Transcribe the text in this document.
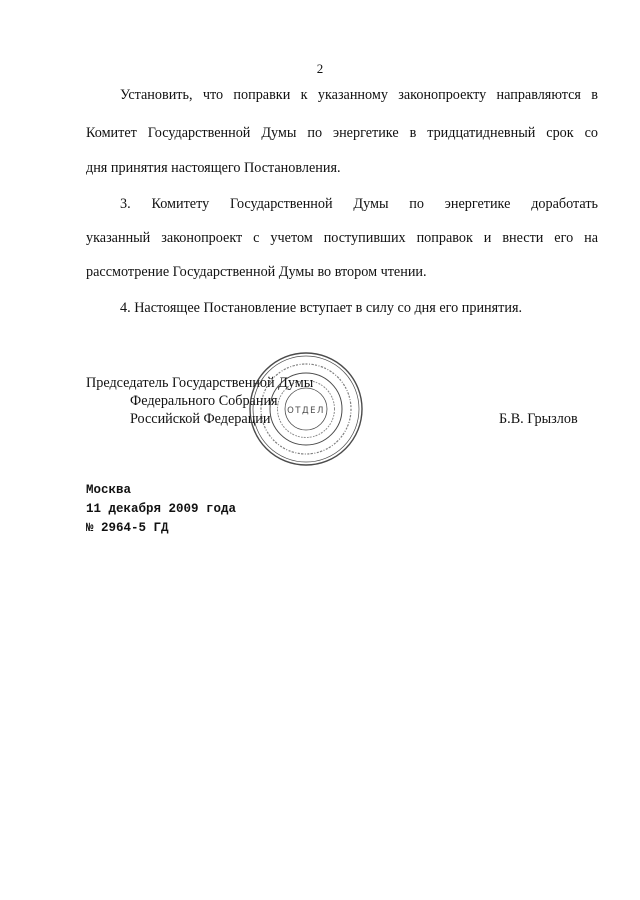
2
Установить, что поправки к указанному законопроекту направляются в
Комитет Государственной Думы по энергетике в тридцатидневный срок со
дня принятия настоящего Постановления.
3. Комитету Государственной Думы по энергетике доработать
указанный законопроект с учетом поступивших поправок и внести его на
рассмотрение Государственной Думы во втором чтении.
4. Настоящее Постановление вступает в силу со дня его принятия.
Председатель Государственной Думы
Федерального Собрания
Российской Федерации	Б.В. Грызлов
ОТДЕЛ
Москва
11 декабря 2009 года
№ 2964-5 ГД
